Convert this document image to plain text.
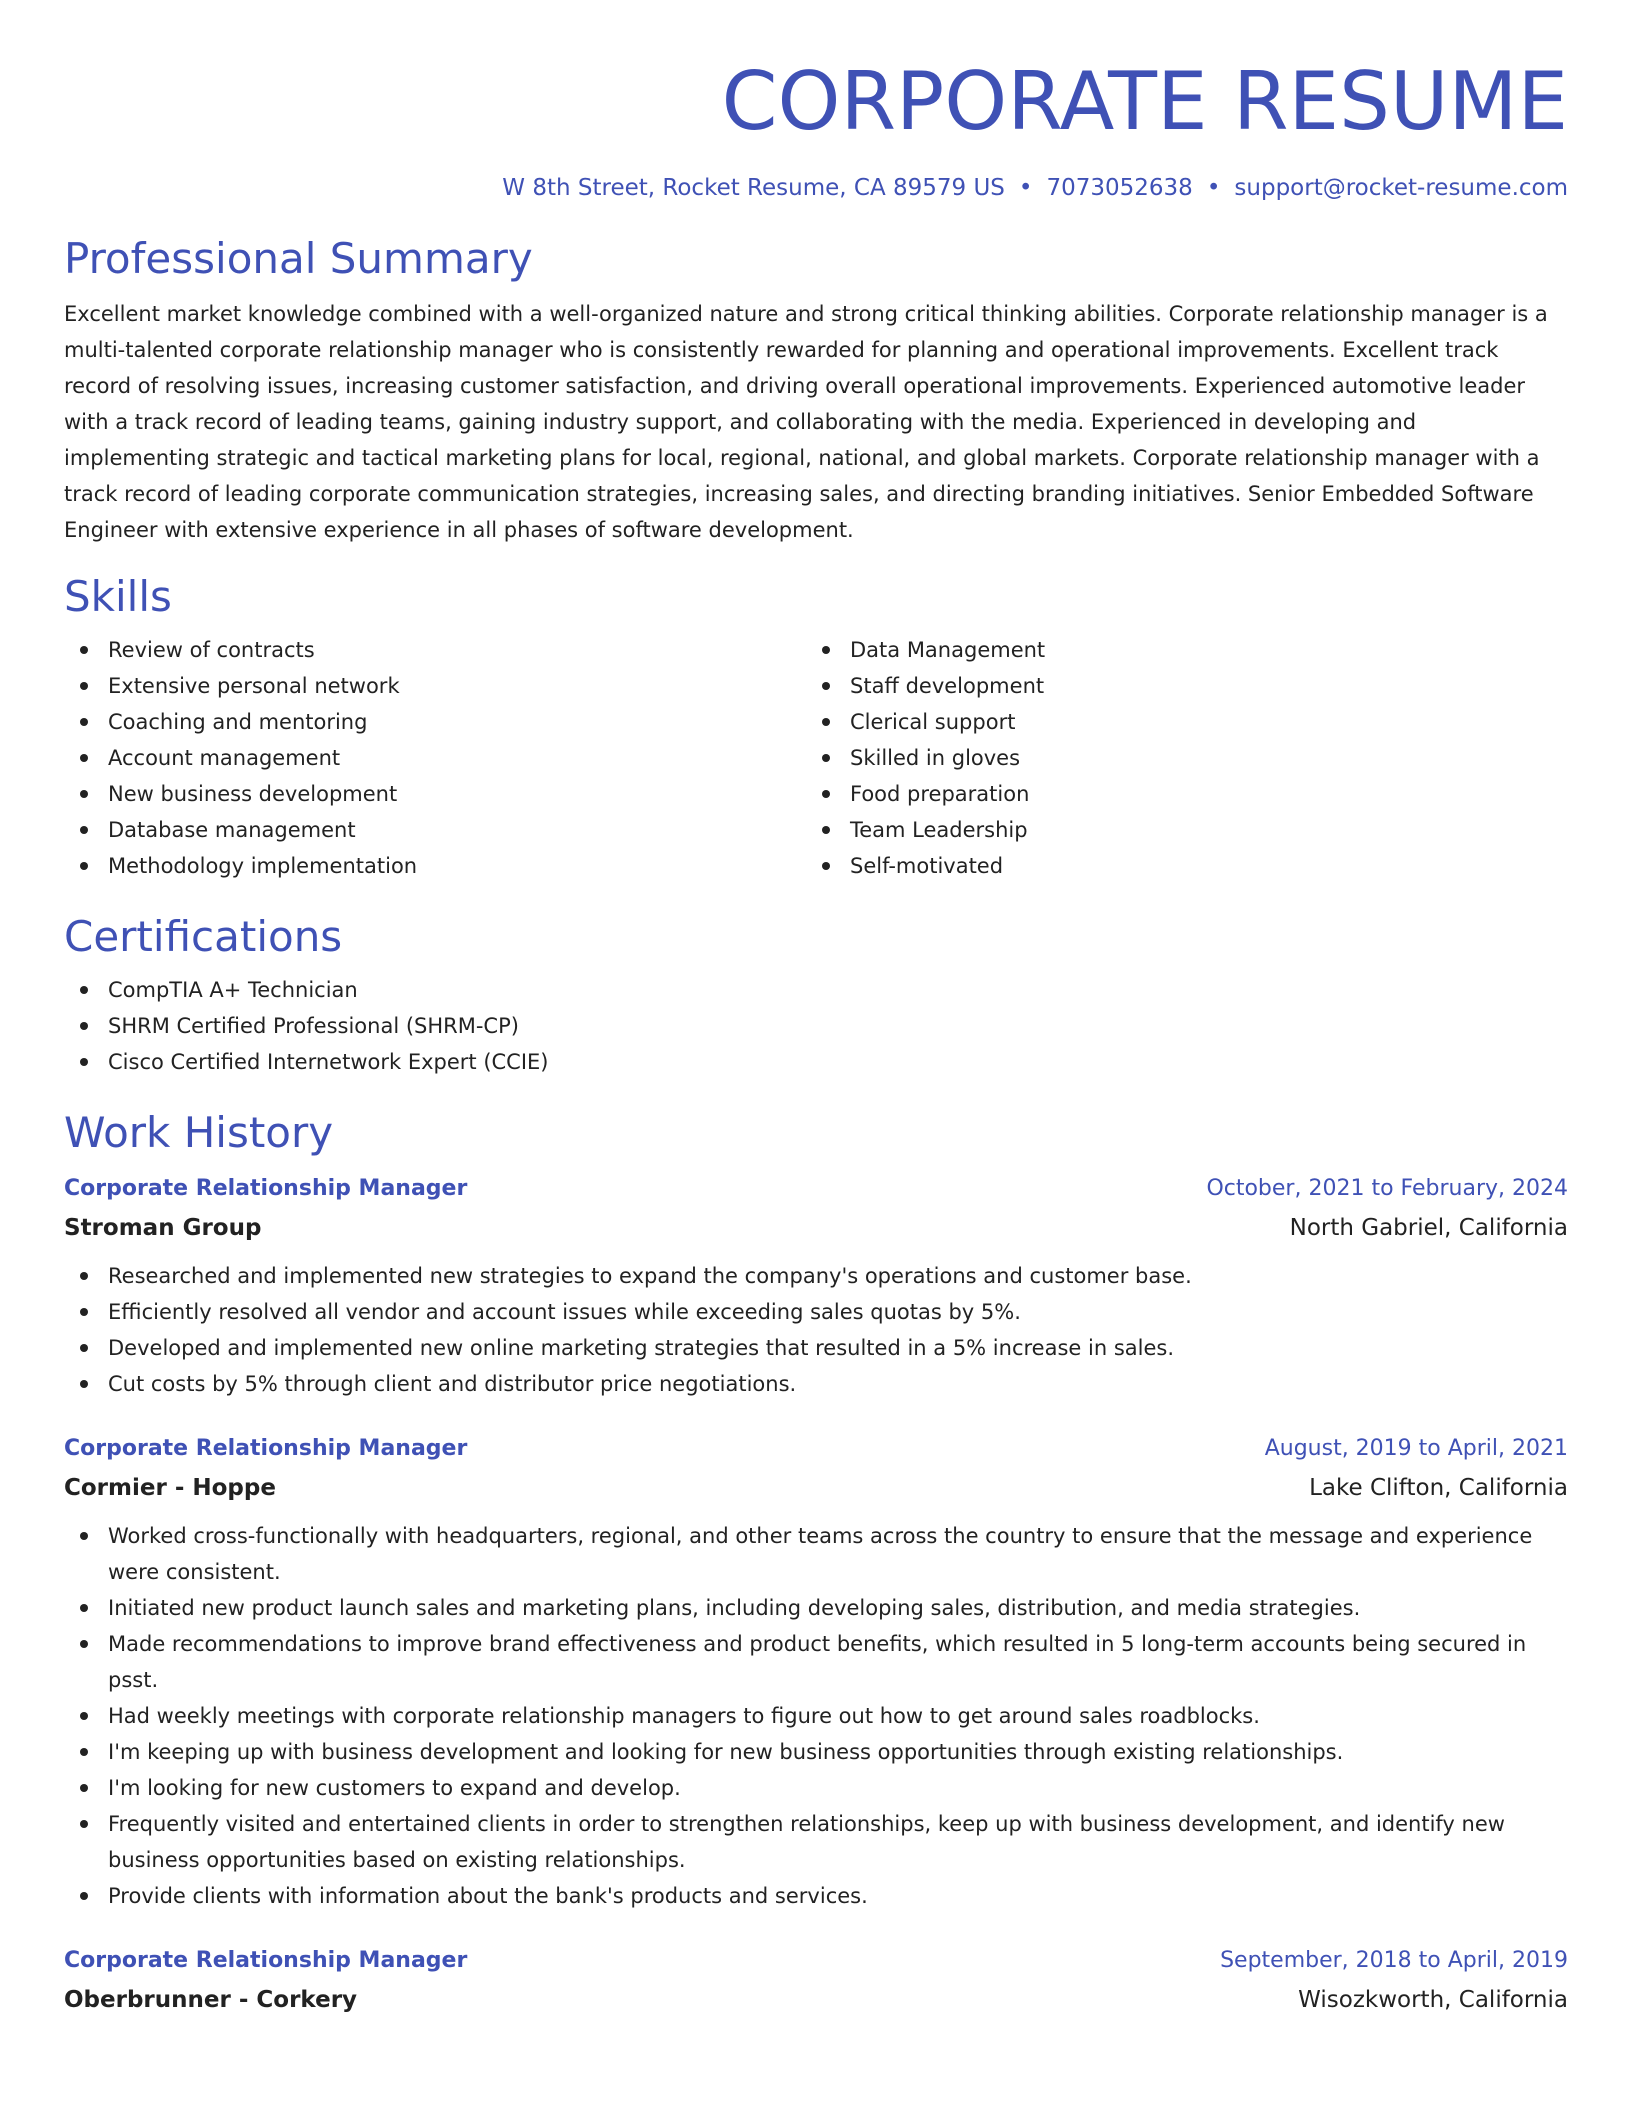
CORPORATE RESUME
W 8th Street, Rocket Resume, CA 89579 US • 7073052638 • support@rocket-resume.com
Professional Summary

Excellent market knowledge combined with a well-organized nature and strong critical thinking abilities. Corporate relationship manager is a multi-talented corporate relationship manager who is consistently rewarded for planning and operational improvements. Excellent track record of resolving issues, increasing customer satisfaction, and driving overall operational improvements. Experienced automotive leader with a track record of leading teams, gaining industry support, and collaborating with the media. Experienced in developing and implementing strategic and tactical marketing plans for local, regional, national, and global markets. Corporate relationship manager with a track record of leading corporate communication strategies, increasing sales, and directing branding initiatives. Senior Embedded Software Engineer with extensive experience in all phases of software development.

Skills
Review of contracts
Extensive personal network
Coaching and mentoring
Account management
New business development
Database management
Methodology implementation
Data Management
Staff development
Clerical support
Skilled in gloves
Food preparation
Team Leadership
Self-motivated
Certifications
CompTIA A+ Technician
SHRM Certified Professional (SHRM-CP)
Cisco Certified Internetwork Expert (CCIE)
Work History
Corporate Relationship Manager	October, 2021 to February, 2024
Stroman Group	North Gabriel, California
Researched and implemented new strategies to expand the company's operations and customer base.
Efficiently resolved all vendor and account issues while exceeding sales quotas by 5%.
Developed and implemented new online marketing strategies that resulted in a 5% increase in sales.
Cut costs by 5% through client and distributor price negotiations.
Corporate Relationship Manager	August, 2019 to April, 2021
Cormier - Hoppe	Lake Clifton, California
Worked cross-functionally with headquarters, regional, and other teams across the country to ensure that the message and experience were consistent.
Initiated new product launch sales and marketing plans, including developing sales, distribution, and media strategies.
Made recommendations to improve brand effectiveness and product benefits, which resulted in 5 long-term accounts being secured in psst.
Had weekly meetings with corporate relationship managers to figure out how to get around sales roadblocks.
I'm keeping up with business development and looking for new business opportunities through existing relationships.
I'm looking for new customers to expand and develop.
Frequently visited and entertained clients in order to strengthen relationships, keep up with business development, and identify new business opportunities based on existing relationships.
Provide clients with information about the bank's products and services.
Corporate Relationship Manager	September, 2018 to April, 2019
Oberbrunner - Corkery	Wisozkworth, California
